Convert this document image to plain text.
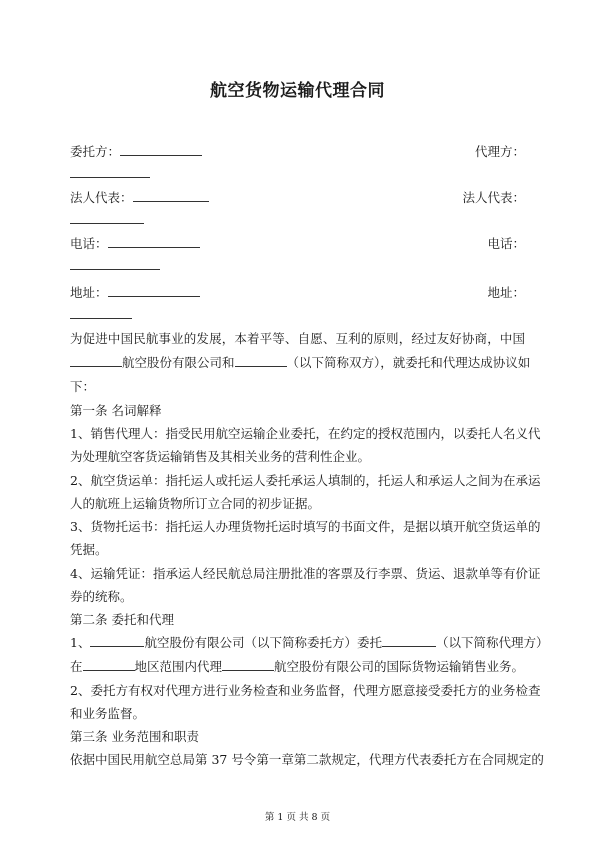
航空货物运输代理合同
委托方：	代理方：
法人代表：	法人代表：
电话：	电话：
地址：	地址：
为促进中国民航事业的发展，本着平等、自愿、互利的原则，经过友好协商，中国
航空股份有限公司和	（以下简称双方），就委托和代理达成协议如
下：
第一条 名词解释
1、销售代理人：指受民用航空运输企业委托，在约定的授权范围内，以委托人名义代
为处理航空客货运输销售及其相关业务的营利性企业。
2、航空货运单：指托运人或托运人委托承运人填制的，托运人和承运人之间为在承运
人的航班上运输货物所订立合同的初步证据。
3、货物托运书：指托运人办理货物托运时填写的书面文件，是据以填开航空货运单的
凭据。
4、运输凭证：指承运人经民航总局注册批准的客票及行李票、货运、退款单等有价证
券的统称。
第二条 委托和代理
1、	航空股份有限公司（以下简称委托方）委托	（以下简称代理方）
在	地区范围内代理	航空股份有限公司的国际货物运输销售业务。
2、委托方有权对代理方进行业务检查和业务监督，代理方愿意接受委托方的业务检查
和业务监督。
第三条 业务范围和职责
依据中国民用航空总局第 37 号令第一章第二款规定，代理方代表委托方在合同规定的
第 1 页 共 8 页
